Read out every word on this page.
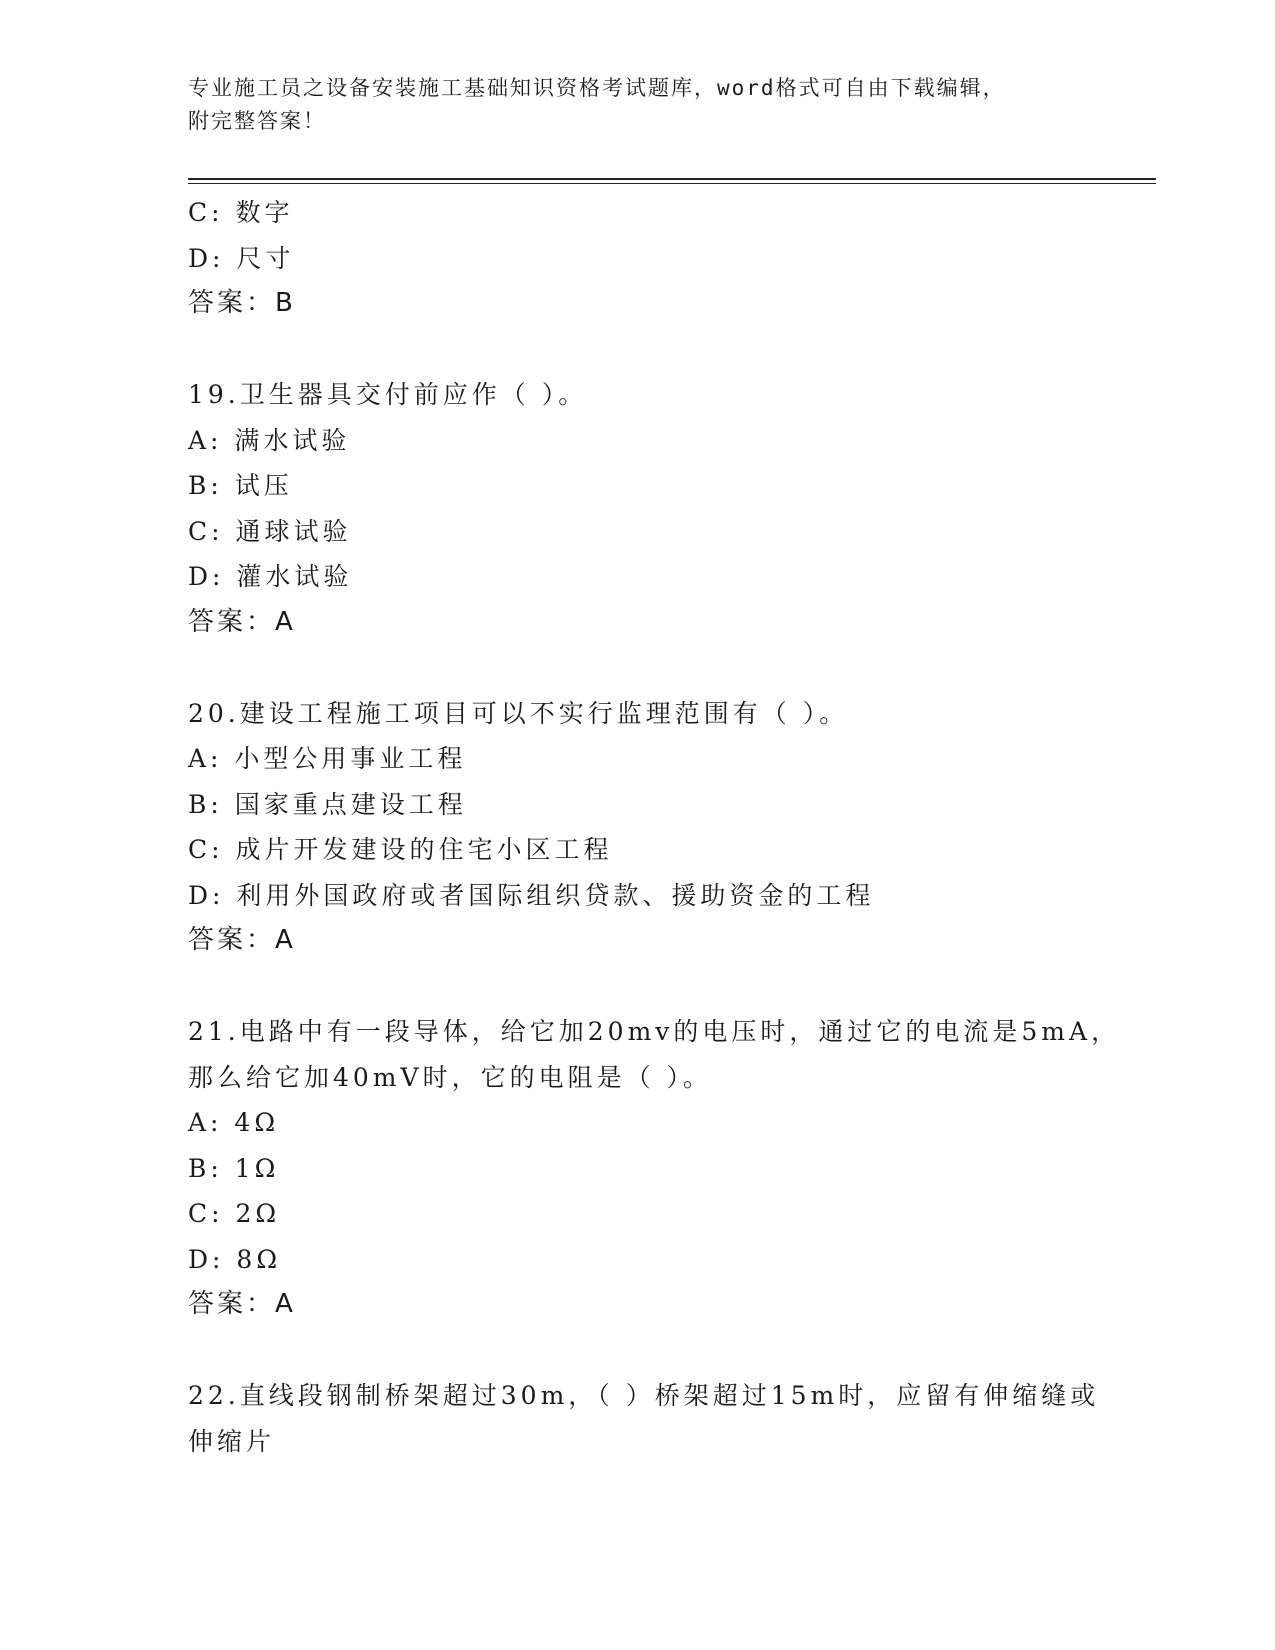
专业施工员之设备安装施工基础知识资格考试题库，word格式可自由下载编辑，
附完整答案！
C: 数字
D: 尺寸
答案：B
19.卫生器具交付前应作（ ）。
A: 满水试验
B: 试压
C: 通球试验
D: 灌水试验
答案：A
20.建设工程施工项目可以不实行监理范围有（ ）。
A: 小型公用事业工程
B: 国家重点建设工程
C: 成片开发建设的住宅小区工程
D: 利用外国政府或者国际组织贷款、援助资金的工程
答案：A
21.电路中有一段导体，给它加20mv的电压时，通过它的电流是5mA，
那么给它加40mV时，它的电阻是（ ）。
A: 4Ω
B: 1Ω
C: 2Ω
D: 8Ω
答案：A
22.直线段钢制桥架超过30m，（ ）桥架超过15m时，应留有伸缩缝或
伸缩片
